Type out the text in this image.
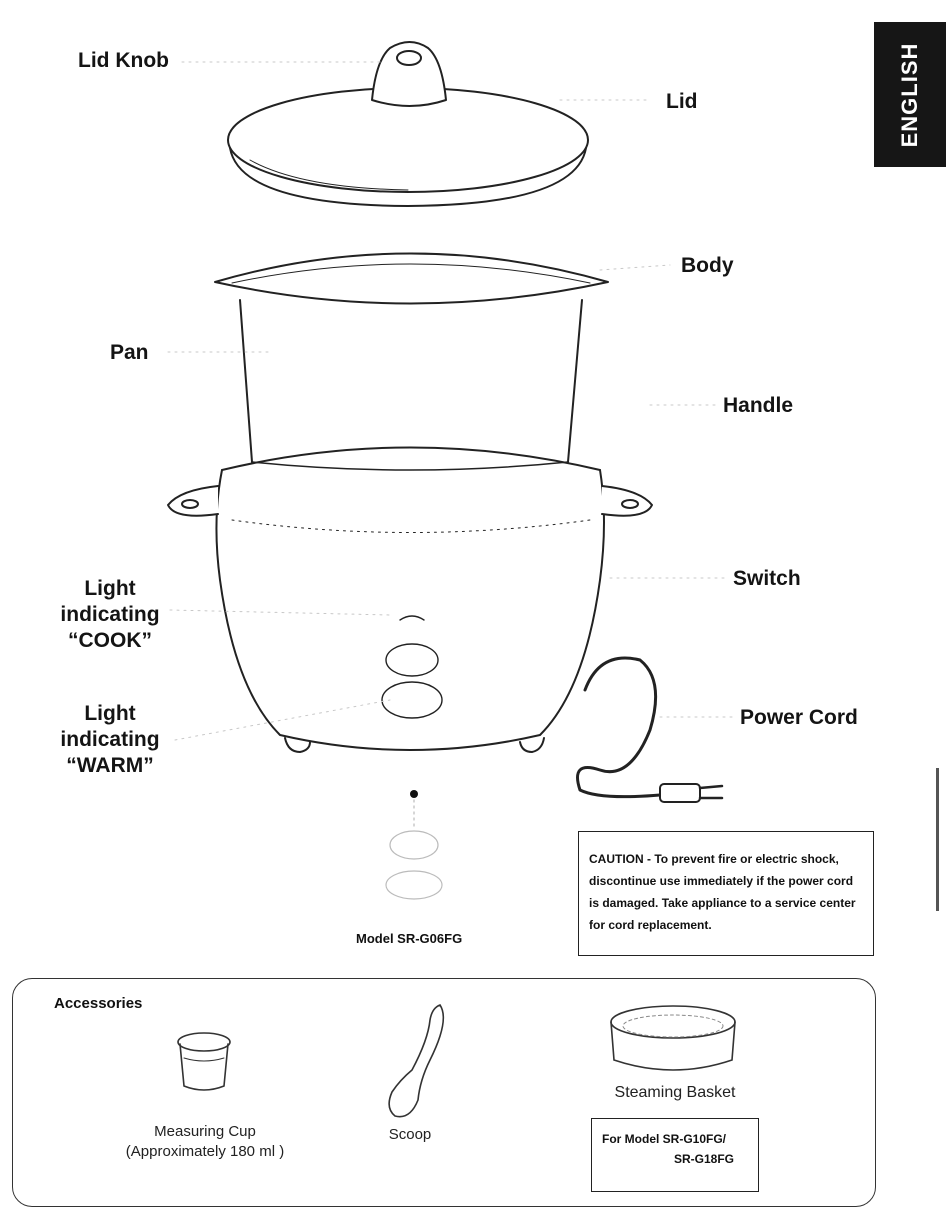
ENGLISH
Lid Knob
Lid
Body
Pan
Handle
Switch
Light
indicating
“COOK”
Light
indicating
“WARM”
Power Cord
Model SR-G06FG
CAUTION - To prevent fire or electric shock,
discontinue use immediately if the power cord
is damaged. Take appliance to a service center
for cord replacement.
Accessories
Measuring Cup
(Approximately 180 ml )
Scoop
Steaming Basket
For Model SR-G10FG/
SR-G18FG
